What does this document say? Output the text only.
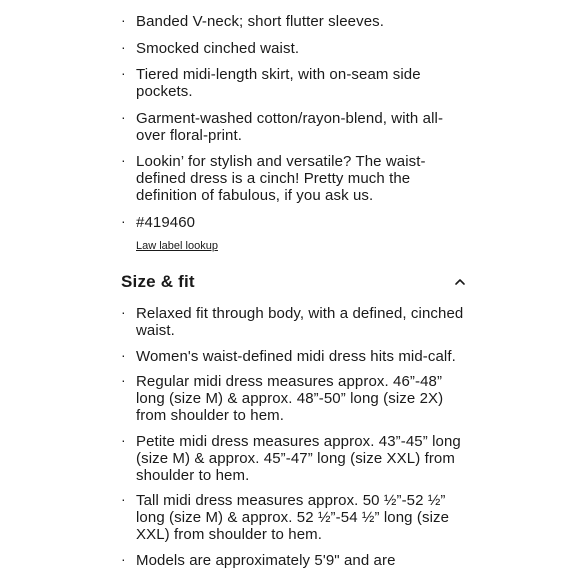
· Banded V-neck; short flutter sleeves.
· Smocked cinched waist.
· Tiered midi-length skirt, with on-seam side pockets.
· Garment-washed cotton/rayon-blend, with all-over floral-print.
· Lookin’ for stylish and versatile? The waist-defined dress is a cinch! Pretty much the definition of fabulous, if you ask us.
· #419460
Law label lookup
Size & fit
· Relaxed fit through body, with a defined, cinched waist.
· Women's waist-defined midi dress hits mid-calf.
· Regular midi dress measures approx. 46”-48” long (size M) & approx. 48”-50” long (size 2X) from shoulder to hem.
· Petite midi dress measures approx. 43”-45” long (size M) & approx. 45”-47” long (size XXL) from shoulder to hem.
· Tall midi dress measures approx. 50 ½”-52 ½” long (size M) & approx. 52 ½”-54 ½” long (size XXL) from shoulder to hem.
· Models are approximately 5'9" and are
